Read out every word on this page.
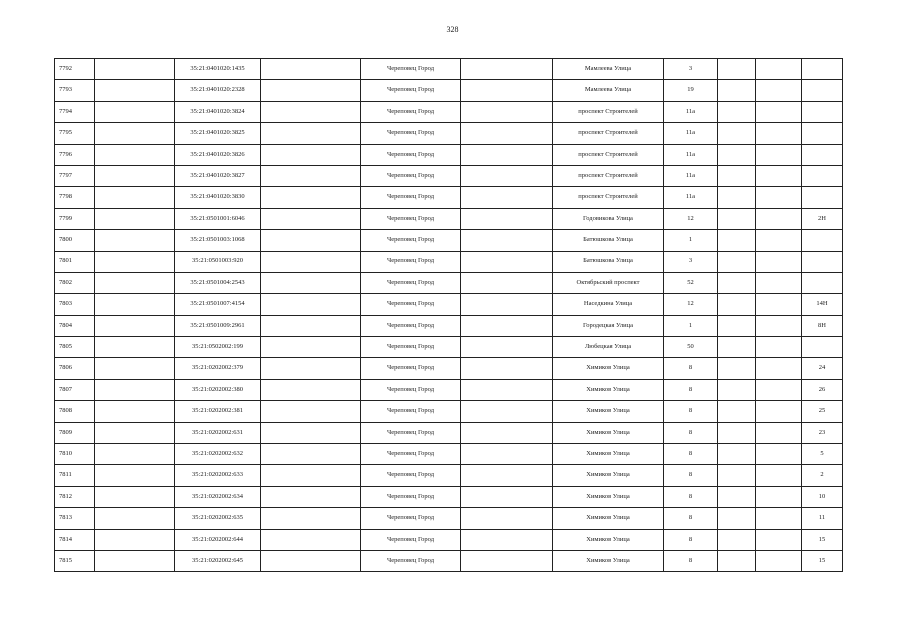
328
7792		35:21:0401020:1435		Череповец Город		Мамлеева Улица	3			
7793		35:21:0401020:2328		Череповец Город		Мамлеева Улица	19			
7794		35:21:0401020:3824		Череповец Город		проспект Строителей	11а			
7795		35:21:0401020:3825		Череповец Город		проспект Строителей	11а			
7796		35:21:0401020:3826		Череповец Город		проспект Строителей	11а			
7797		35:21:0401020:3827		Череповец Город		проспект Строителей	11а			
7798		35:21:0401020:3830		Череповец Город		проспект Строителей	11а			
7799		35:21:0501001:6046		Череповец Город		Годовикова Улица	12			2Н
7800		35:21:0501003:1068		Череповец Город		Батюшкова Улица	1			
7801		35:21:0501003:920		Череповец Город		Батюшкова Улица	3			
7802		35:21:0501004:2543		Череповец Город		Октябрьский проспект	52			
7803		35:21:0501007:4154		Череповец Город		Наседкина Улица	12			14Н
7804		35:21:0501009:2961		Череповец Город		Городецкая Улица	1			8Н
7805		35:21:0502002:199		Череповец Город		Любецкая Улица	50			
7806		35:21:0202002:379		Череповец Город		Химиков Улица	8			24
7807		35:21:0202002:380		Череповец Город		Химиков Улица	8			26
7808		35:21:0202002:381		Череповец Город		Химиков Улица	8			25
7809		35:21:0202002:631		Череповец Город		Химиков Улица	8			23
7810		35:21:0202002:632		Череповец Город		Химиков Улица	8			5
7811		35:21:0202002:633		Череповец Город		Химиков Улица	8			2
7812		35:21:0202002:634		Череповец Город		Химиков Улица	8			10
7813		35:21:0202002:635		Череповец Город		Химиков Улица	8			11
7814		35:21:0202002:644		Череповец Город		Химиков Улица	8			15
7815		35:21:0202002:645		Череповец Город		Химиков Улица	8			15
